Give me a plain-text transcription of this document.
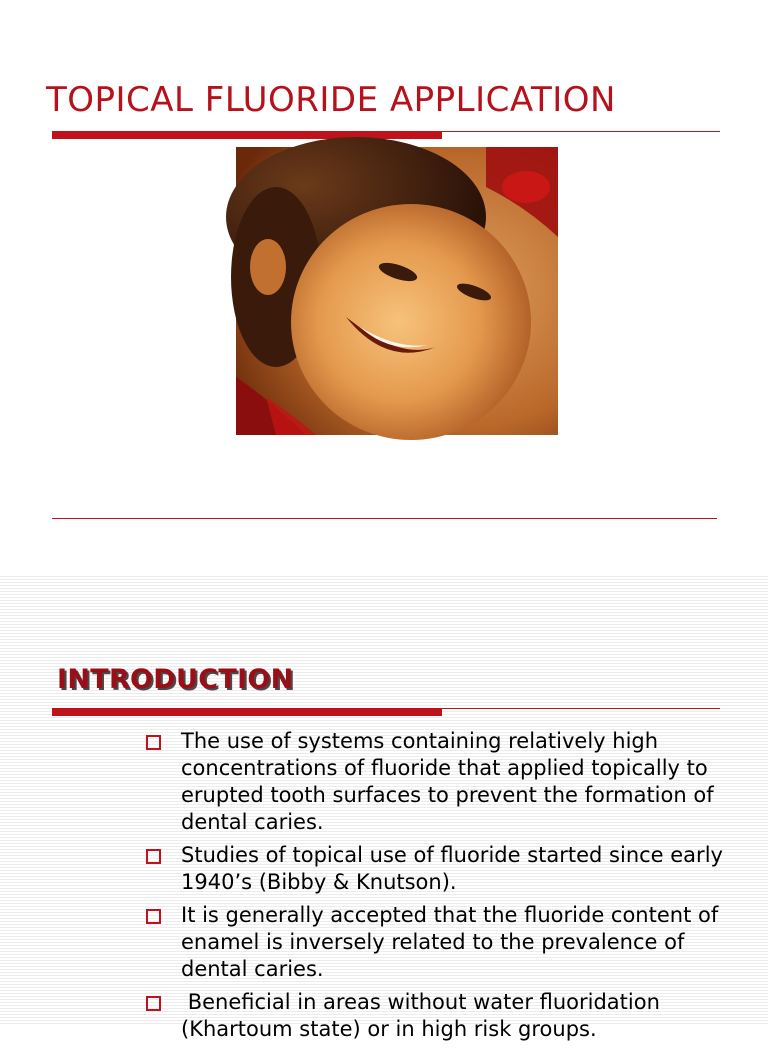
TOPICAL FLUORIDE APPLICATION
INTRODUCTION
The use of systems containing relatively high concentrations of fluoride that applied topically to erupted tooth surfaces to prevent the formation of dental caries.
Studies of topical use of fluoride started since early 1940’s (Bibby & Knutson).
It is generally accepted that the fluoride content of enamel is inversely related to the prevalence of dental caries.
Beneficial in areas without water fluoridation (Khartoum state) or in high risk groups.
